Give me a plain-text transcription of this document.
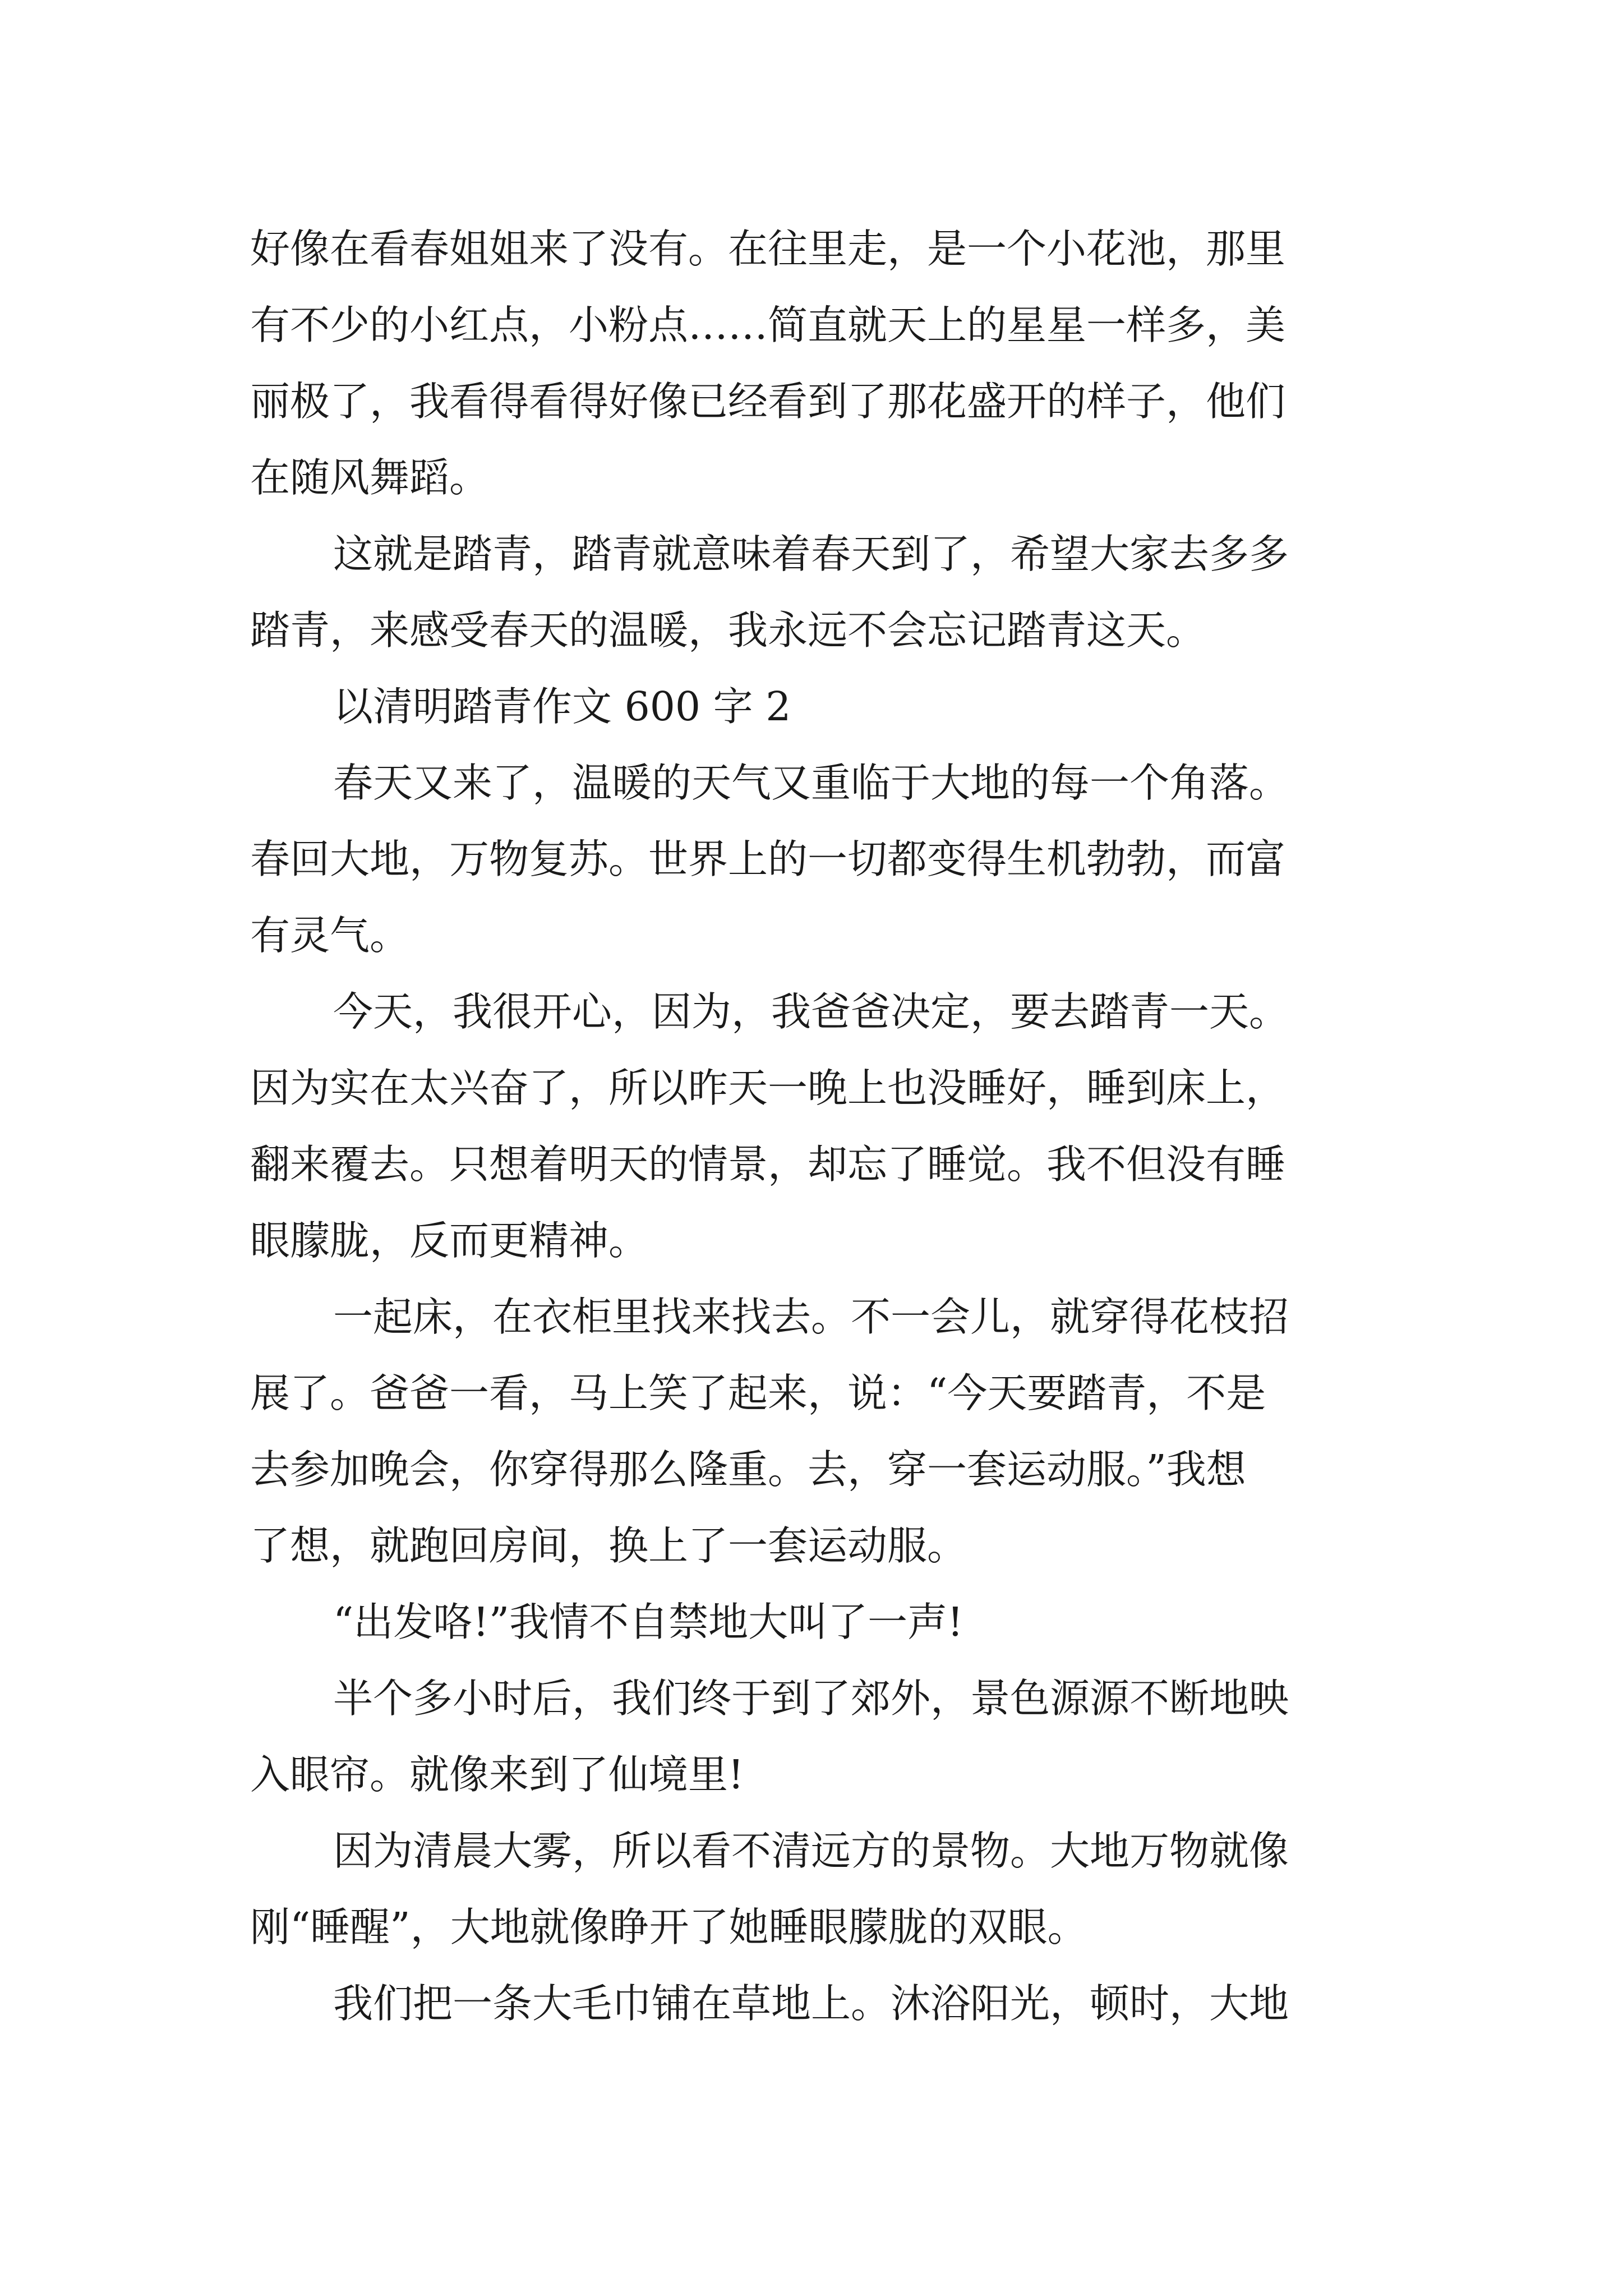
好像在看春姐姐来了没有。在往里走，是一个小花池，那里

有不少的小红点，小粉点……简直就天上的星星一样多，美

丽极了，我看得看得好像已经看到了那花盛开的样子，他们

在随风舞蹈。

这就是踏青，踏青就意味着春天到了，希望大家去多多

踏青，来感受春天的温暖，我永远不会忘记踏青这天。

以清明踏青作文 600 字 2

春天又来了，温暖的天气又重临于大地的每一个角落。

春回大地，万物复苏。世界上的一切都变得生机勃勃，而富

有灵气。

今天，我很开心，因为，我爸爸决定，要去踏青一天。

因为实在太兴奋了，所以昨天一晚上也没睡好，睡到床上，

翻来覆去。只想着明天的情景，却忘了睡觉。我不但没有睡

眼朦胧，反而更精神。

一起床，在衣柜里找来找去。不一会儿，就穿得花枝招

展了。爸爸一看，马上笑了起来，说：“今天要踏青，不是

去参加晚会，你穿得那么隆重。去，穿一套运动服。”我想

了想，就跑回房间，换上了一套运动服。

“出发咯!”我情不自禁地大叫了一声!

半个多小时后，我们终于到了郊外，景色源源不断地映

入眼帘。就像来到了仙境里!

因为清晨大雾，所以看不清远方的景物。大地万物就像

刚“睡醒”，大地就像睁开了她睡眼朦胧的双眼。

我们把一条大毛巾铺在草地上。沐浴阳光，顿时，大地
